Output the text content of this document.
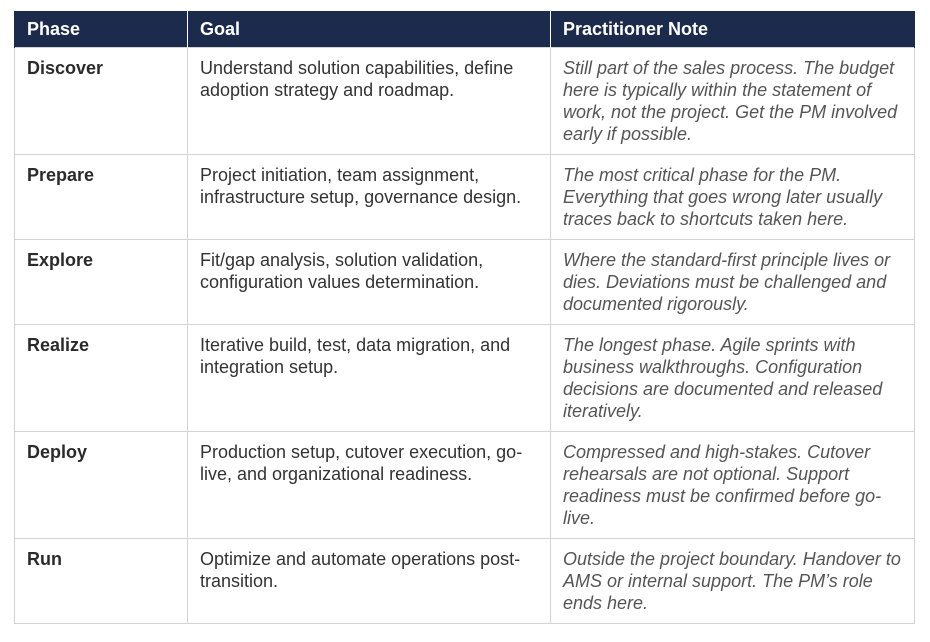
Phase	Goal	Practitioner Note
Discover	Understand solution capabilities, define adoption strategy and roadmap.	Still part of the sales process. The budget here is typically within the statement of work, not the project. Get the PM involved early if possible.
Prepare	Project initiation, team assignment, infrastructure setup, governance design.	The most critical phase for the PM. Everything that goes wrong later usually traces back to shortcuts taken here.
Explore	Fit/gap analysis, solution validation, configuration values determination.	Where the standard-first principle lives or dies. Deviations must be challenged and documented rigorously.
Realize	Iterative build, test, data migration, and integration setup.	The longest phase. Agile sprints with business walkthroughs. Configuration decisions are documented and released iteratively.
Deploy	Production setup, cutover execution, go-live, and organizational readiness.	Compressed and high-stakes. Cutover rehearsals are not optional. Support readiness must be confirmed before go-live.
Run	Optimize and automate operations post-transition.	Outside the project boundary. Handover to AMS or internal support. The PM’s role ends here.
